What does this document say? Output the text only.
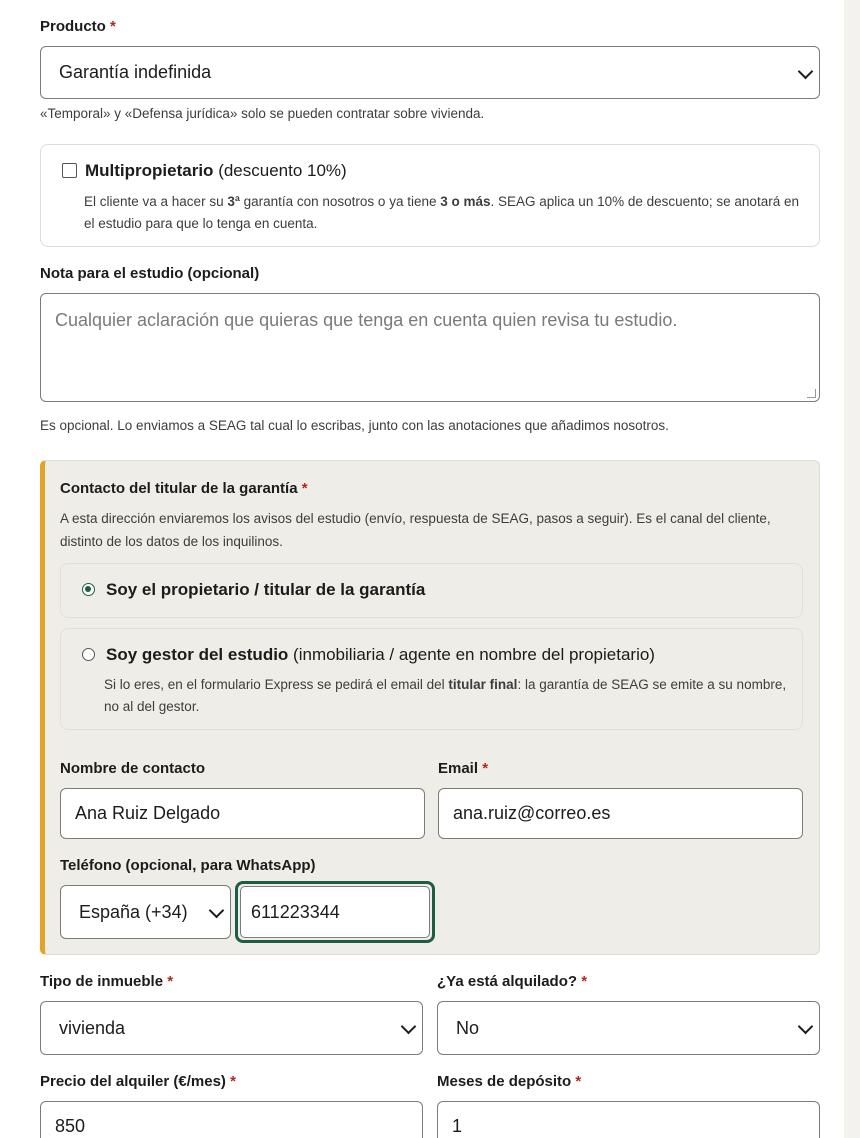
Producto *
Garantía indefinida
«Temporal» y «Defensa jurídica» solo se pueden contratar sobre vivienda.
Multipropietario (descuento 10%)
El cliente va a hacer su 3ª garantía con nosotros o ya tiene 3 o más. SEAG aplica un 10% de descuento; se anotará en el estudio para que lo tenga en cuenta.
Nota para el estudio (opcional)
Cualquier aclaración que quieras que tenga en cuenta quien revisa tu estudio.
Es opcional. Lo enviamos a SEAG tal cual lo escribas, junto con las anotaciones que añadimos nosotros.
Contacto del titular de la garantía *
A esta dirección enviaremos los avisos del estudio (envío, respuesta de SEAG, pasos a seguir). Es el canal del cliente, distinto de los datos de los inquilinos.
Soy el propietario / titular de la garantía
Soy gestor del estudio (inmobiliaria / agente en nombre del propietario)
Si lo eres, en el formulario Express se pedirá el email del titular final: la garantía de SEAG se emite a su nombre, no al del gestor.
Nombre de contacto
Ana Ruiz Delgado
Email *
ana.ruiz@correo.es
Teléfono (opcional, para WhatsApp)
España (+34)	611223344
Tipo de inmueble *
vivienda
¿Ya está alquilado? *
No
Precio del alquiler (€/mes) *
850
Meses de depósito *
1
